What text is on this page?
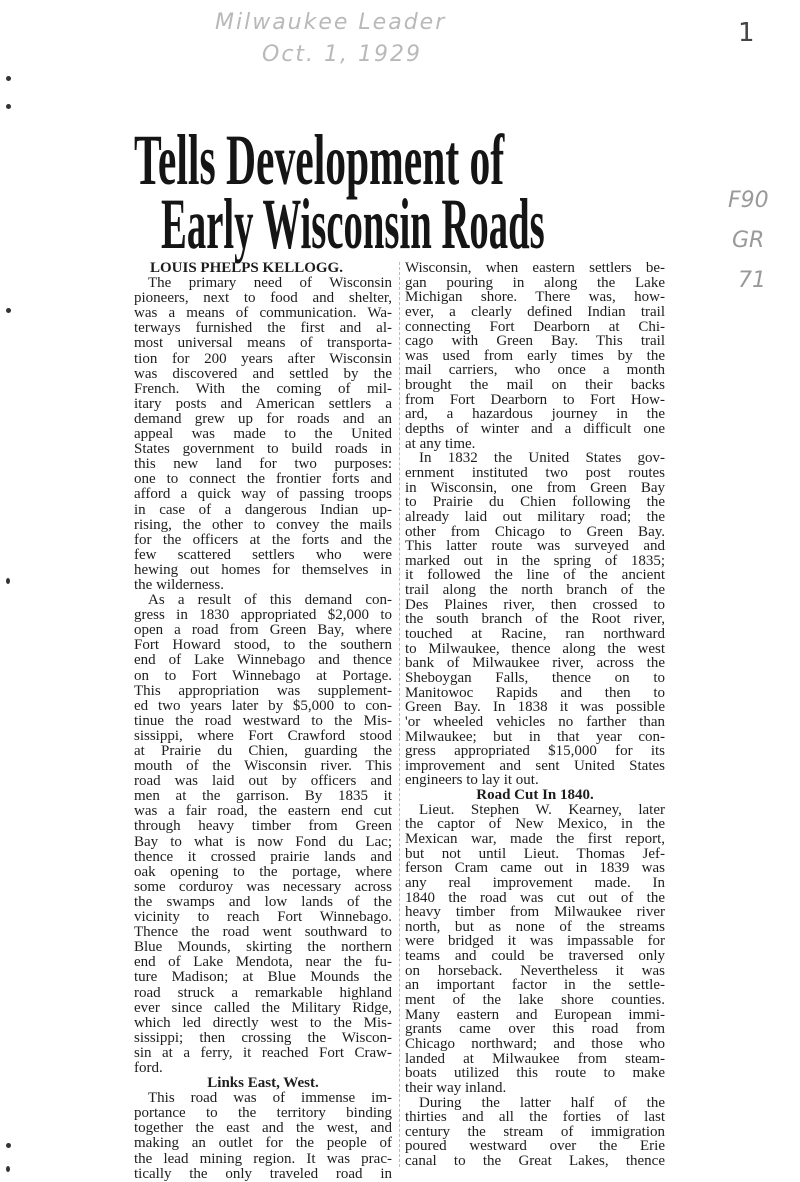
Milwaukee Leader
Oct. 1, 1929
1
F90
GR
71
Tells Development of
Early Wisconsin Roads
LOUIS PHELPS KELLOGG.
The primary need of Wisconsin
pioneers, next to food and shelter,
was a means of communication. Wa-
terways furnished the first and al-
most universal means of transporta-
tion for 200 years after Wisconsin
was discovered and settled by the
French. With the coming of mil-
itary posts and American settlers a
demand grew up for roads and an
appeal was made to the United
States government to build roads in
this new land for two purposes:
one to connect the frontier forts and
afford a quick way of passing troops
in case of a dangerous Indian up-
rising, the other to convey the mails
for the officers at the forts and the
few scattered settlers who were
hewing out homes for themselves in
the wilderness.
As a result of this demand con-
gress in 1830 appropriated $2,000 to
open a road from Green Bay, where
Fort Howard stood, to the southern
end of Lake Winnebago and thence
on to Fort Winnebago at Portage.
This appropriation was supplement-
ed two years later by $5,000 to con-
tinue the road westward to the Mis-
sissippi, where Fort Crawford stood
at Prairie du Chien, guarding the
mouth of the Wisconsin river. This
road was laid out by officers and
men at the garrison. By 1835 it
was a fair road, the eastern end cut
through heavy timber from Green
Bay to what is now Fond du Lac;
thence it crossed prairie lands and
oak opening to the portage, where
some corduroy was necessary across
the swamps and low lands of the
vicinity to reach Fort Winnebago.
Thence the road went southward to
Blue Mounds, skirting the northern
end of Lake Mendota, near the fu-
ture Madison; at Blue Mounds the
road struck a remarkable highland
ever since called the Military Ridge,
which led directly west to the Mis-
sissippi; then crossing the Wiscon-
sin at a ferry, it reached Fort Craw-
ford.
Links East, West.
This road was of immense im-
portance to the territory binding
together the east and the west, and
making an outlet for the people of
the lead mining region. It was prac-
tically the only traveled road in
Wisconsin, when eastern settlers be-
gan pouring in along the Lake
Michigan shore. There was, how-
ever, a clearly defined Indian trail
connecting Fort Dearborn at Chi-
cago with Green Bay. This trail
was used from early times by the
mail carriers, who once a month
brought the mail on their backs
from Fort Dearborn to Fort How-
ard, a hazardous journey in the
depths of winter and a difficult one
at any time.
In 1832 the United States gov-
ernment instituted two post routes
in Wisconsin, one from Green Bay
to Prairie du Chien following the
already laid out military road; the
other from Chicago to Green Bay.
This latter route was surveyed and
marked out in the spring of 1835;
it followed the line of the ancient
trail along the north branch of the
Des Plaines river, then crossed to
the south branch of the Root river,
touched at Racine, ran northward
to Milwaukee, thence along the west
bank of Milwaukee river, across the
Sheboygan Falls, thence on to
Manitowoc Rapids and then to
Green Bay. In 1838 it was possible
'or wheeled vehicles no farther than
Milwaukee; but in that year con-
gress appropriated $15,000 for its
improvement and sent United States
engineers to lay it out.
Road Cut In 1840.
Lieut. Stephen W. Kearney, later
the captor of New Mexico, in the
Mexican war, made the first report,
but not until Lieut. Thomas Jef-
ferson Cram came out in 1839 was
any real improvement made. In
1840 the road was cut out of the
heavy timber from Milwaukee river
north, but as none of the streams
were bridged it was impassable for
teams and could be traversed only
on horseback. Nevertheless it was
an important factor in the settle-
ment of the lake shore counties.
Many eastern and European immi-
grants came over this road from
Chicago northward; and those who
landed at Milwaukee from steam-
boats utilized this route to make
their way inland.
During the latter half of the
thirties and all the forties of last
century the stream of immigration
poured westward over the Erie
canal to the Great Lakes, thence
